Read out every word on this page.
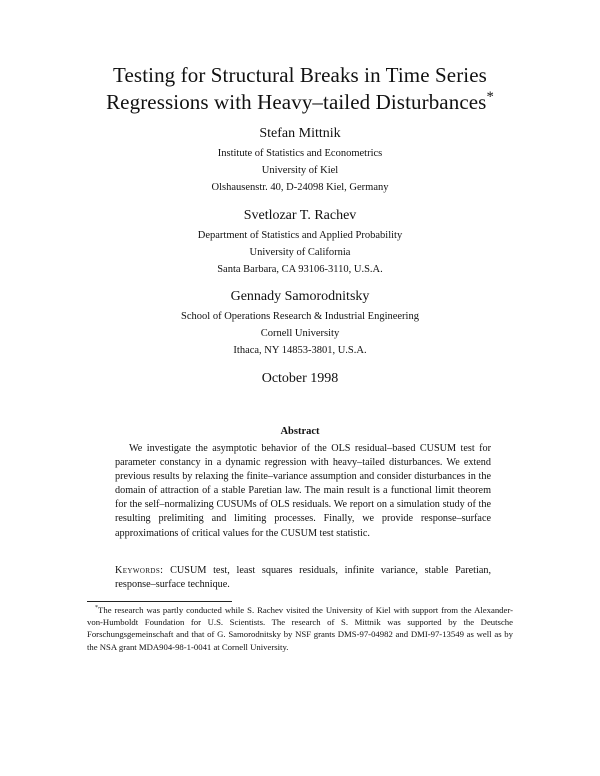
Testing for Structural Breaks in Time Series
Regressions with Heavy–tailed Disturbances*
Stefan Mittnik
Institute of Statistics and Econometrics
University of Kiel
Olshausenstr. 40, D-24098 Kiel, Germany
Svetlozar T. Rachev
Department of Statistics and Applied Probability
University of California
Santa Barbara, CA 93106-3110, U.S.A.
Gennady Samorodnitsky
School of Operations Research & Industrial Engineering
Cornell University
Ithaca, NY 14853-3801, U.S.A.
October 1998
Abstract
We investigate the asymptotic behavior of the OLS residual–based CUSUM test for parameter constancy in a dynamic regression with heavy–tailed disturbances. We extend previous results by relaxing the finite–variance assumption and consider disturbances in the domain of attraction of a stable Paretian law. The main result is a functional limit theorem for the self–normalizing CUSUMs of OLS residuals. We report on a simulation study of the resulting prelimiting and limiting processes. Finally, we provide response–surface approximations of critical values for the CUSUM test statistic.
Keywords: CUSUM test, least squares residuals, infinite variance, stable Paretian, response–surface technique.
*The research was partly conducted while S. Rachev visited the University of Kiel with support from the Alexander-von-Humboldt Foundation for U.S. Scientists. The research of S. Mittnik was supported by the Deutsche Forschungsgemeinschaft and that of G. Samorodnitsky by NSF grants DMS-97-04982 and DMI-97-13549 as well as by the NSA grant MDA904-98-1-0041 at Cornell University.
